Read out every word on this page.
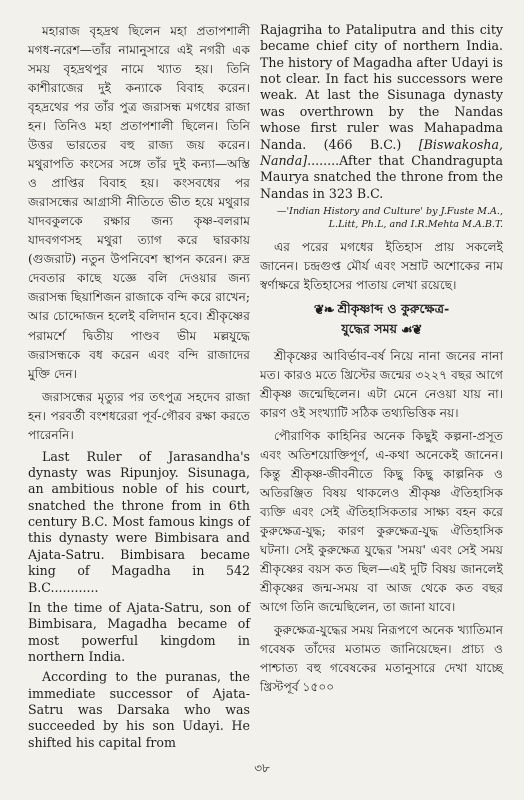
মহারাজ বৃহদ্রথ ছিলেন মহা প্রতাপশালী মগধ-নরেশ—তাঁর নামানুসারে এই নগরী এক সময় বৃহদ্রথপুর নামে খ্যাত হয়। তিনি কাশীরাজের দুই কন্যাকে বিবাহ করেন। বৃহদ্রথের পর তাঁর পুত্র জরাসন্ধ মগধের রাজা হন। তিনিও মহা প্রতাপশালী ছিলেন। তিনি উত্তর ভারতের বহু রাজ্য জয় করেন। মথুরাপতি কংসের সঙ্গে তাঁর দুই কন্যা—অস্তি ও প্রাপ্তির বিবাহ হয়। কংসবধের পর জরাসন্ধের আগ্রাসী নীতিতে ভীত হয়ে মথুরার যাদবকুলকে রক্ষার জন্য কৃষ্ণ-বলরাম যাদবগণসহ মথুরা ত্যাগ করে দ্বারকায় (গুজরাট) নতুন উপনিবেশ স্থাপন করেন। রুদ্র দেবতার কাছে যজ্ঞে বলি দেওয়ার জন্য জরাসন্ধ ছিয়াশিজন রাজাকে বন্দি করে রাখেন; আর চোদ্দোজন হলেই বলিদান হবে। শ্রীকৃষ্ণের পরামর্শে দ্বিতীয় পাণ্ডব ভীম মল্লযুদ্ধে জরাসন্ধকে বধ করেন এবং বন্দি রাজাদের মুক্তি দেন।

জরাসন্ধের মৃত্যুর পর তৎপুত্র সহদেব রাজা হন। পরবর্তী বংশধরেরা পূর্ব-গৌরব রক্ষা করতে পারেননি।

Last Ruler of Jarasandha's dynasty was Ripunjoy. Sisunaga, an ambitious noble of his court, snatched the throne from in 6th century B.C. Most famous kings of this dynasty were Bimbisara and Ajata-Satru. Bimbisara became king of Magadha in 542 B.C............

In the time of Ajata-Satru, son of Bimbisara, Magadha became of most powerful kingdom in northern India.

According to the puranas, the immediate successor of Ajata-Satru was Darsaka who was succeeded by his son Udayi. He shifted his capital from

Rajagriha to Pataliputra and this city became chief city of northern India. The history of Magadha after Udayi is not clear. In fact his successors were weak. At last the Sisunaga dynasty was overthrown by the Nandas whose first ruler was Mahapadma Nanda. (466 B.C.) [Biswakosha, Nanda]........After that Chandragupta Maurya snatched the throne from the Nandas in 323 B.C.

—'Indian History and Culture' by J.Fuste M.A., L.Litt, Ph.L, and I.R.Mehta M.A.B.T.

এর পরের মগধের ইতিহাস প্রায় সকলেই জানেন। চন্দ্রগুপ্ত মৌর্য এবং সম্রাট অশোকের নাম স্বর্ণাক্ষরে ইতিহাসের পাতায় লেখা রয়েছে।

❦❧ শ্রীকৃষ্ণাব্দ ও কুরুক্ষেত্র-
যুদ্ধের সময় ☙❦

শ্রীকৃষ্ণের আবির্ভাব-বর্ষ নিয়ে নানা জনের নানা মত। কারও মতে খ্রিস্টের জন্মের ৩২২৭ বছর আগে শ্রীকৃষ্ণ জন্মেছিলেন। এটা মেনে নেওয়া যায় না। কারণ ওই সংখ্যাটি সঠিক তথ্যভিত্তিক নয়।

পৌরাণিক কাহিনির অনেক কিছুই কল্পনা-প্রসূত এবং অতিশয়োক্তিপূর্ণ, এ-কথা অনেকেই জানেন। কিন্তু শ্রীকৃষ্ণ-জীবনীতে কিছু কিছু কাল্পনিক ও অতিরঞ্জিত বিষয় থাকলেও শ্রীকৃষ্ণ ঐতিহাসিক ব্যক্তি এবং সেই ঐতিহাসিকতার সাক্ষ্য বহন করে কুরুক্ষেত্র-যুদ্ধ; কারণ কুরুক্ষেত্র-যুদ্ধ ঐতিহাসিক ঘটনা। সেই কুরুক্ষেত্র যুদ্ধের 'সময়' এবং সেই সময় শ্রীকৃষ্ণের বয়স কত ছিল—এই দুটি বিষয় জানলেই শ্রীকৃষ্ণের জন্ম-সময় বা আজ থেকে কত বছর আগে তিনি জন্মেছিলেন, তা জানা যাবে।

কুরুক্ষেত্র-যুদ্ধের সময় নিরূপণে অনেক খ্যাতিমান গবেষক তাঁদের মতামত জানিয়েছেন। প্রাচ্য ও পাশ্চাত্য বহু গবেষকের মতানুসারে দেখা যাচ্ছে খ্রিস্টপূর্ব ১৫০০

৩৮
